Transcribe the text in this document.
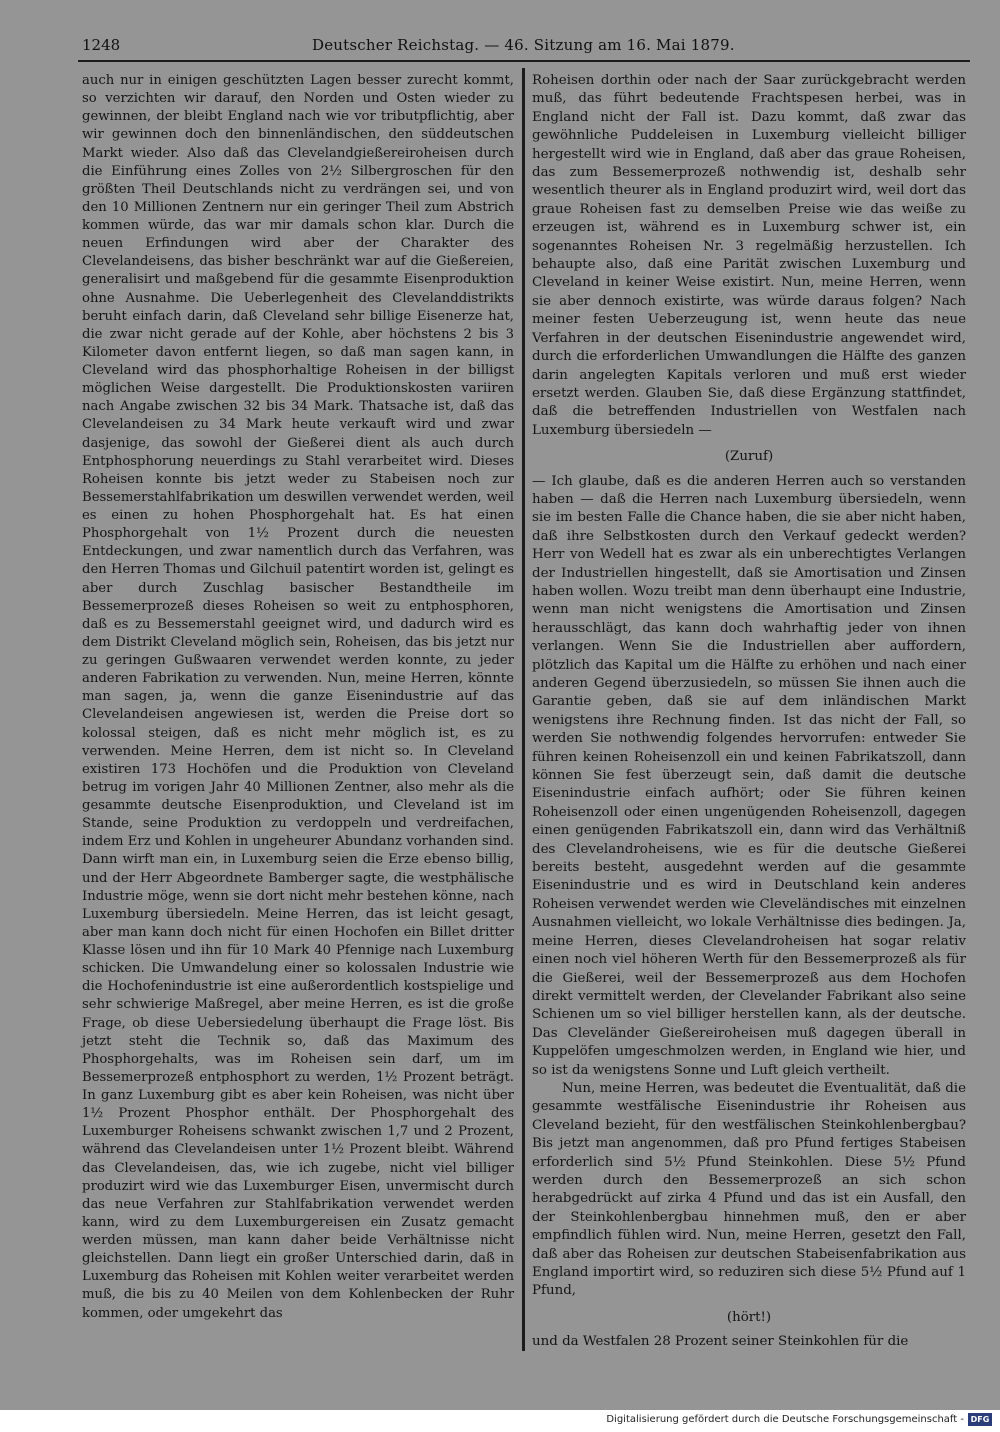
1248	Deutscher Reichstag. — 46. Sitzung am 16. Mai 1879.

auch nur in einigen geschützten Lagen besser zurecht kommt, so verzichten wir darauf, den Norden und Osten wieder zu gewinnen, der bleibt England nach wie vor tributpflichtig, aber wir gewinnen doch den binnenländischen, den süddeutschen Markt wieder. Also daß das Clevelandgießereiroheisen durch die Einführung eines Zolles von 2½ Silbergroschen für den größten Theil Deutschlands nicht zu verdrängen sei, und von den 10 Millionen Zentnern nur ein geringer Theil zum Abstrich kommen würde, das war mir damals schon klar. Durch die neuen Erfindungen wird aber der Charakter des Clevelandeisens, das bisher beschränkt war auf die Gießereien, generalisirt und maßgebend für die gesammte Eisenproduktion ohne Ausnahme. Die Ueberlegenheit des Clevelanddistrikts beruht einfach darin, daß Cleveland sehr billige Eisenerze hat, die zwar nicht gerade auf der Kohle, aber höchstens 2 bis 3 Kilometer davon entfernt liegen, so daß man sagen kann, in Cleveland wird das phosphorhaltige Roheisen in der billigst möglichen Weise dargestellt. Die Produktionskosten variiren nach Angabe zwischen 32 bis 34 Mark. Thatsache ist, daß das Clevelandeisen zu 34 Mark heute verkauft wird und zwar dasjenige, das sowohl der Gießerei dient als auch durch Entphosphorung neuerdings zu Stahl verarbeitet wird. Dieses Roheisen konnte bis jetzt weder zu Stabeisen noch zur Bessemerstahlfabrikation um deswillen verwendet werden, weil es einen zu hohen Phosphorgehalt hat. Es hat einen Phosphorgehalt von 1½ Prozent durch die neuesten Entdeckungen, und zwar namentlich durch das Verfahren, was den Herren Thomas und Gilchuil patentirt worden ist, gelingt es aber durch Zuschlag basischer Bestandtheile im Bessemerprozeß dieses Roheisen so weit zu entphosphoren, daß es zu Bessemerstahl geeignet wird, und dadurch wird es dem Distrikt Cleveland möglich sein, Roheisen, das bis jetzt nur zu geringen Gußwaaren verwendet werden konnte, zu jeder anderen Fabrikation zu verwenden. Nun, meine Herren, könnte man sagen, ja, wenn die ganze Eisenindustrie auf das Clevelandeisen angewiesen ist, werden die Preise dort so kolossal steigen, daß es nicht mehr möglich ist, es zu verwenden. Meine Herren, dem ist nicht so. In Cleveland existiren 173 Hochöfen und die Produktion von Cleveland betrug im vorigen Jahr 40 Millionen Zentner, also mehr als die gesammte deutsche Eisenproduktion, und Cleveland ist im Stande, seine Produktion zu verdoppeln und verdreifachen, indem Erz und Kohlen in ungeheurer Abundanz vorhanden sind. Dann wirft man ein, in Luxemburg seien die Erze ebenso billig, und der Herr Abgeordnete Bamberger sagte, die westphälische Industrie möge, wenn sie dort nicht mehr bestehen könne, nach Luxemburg übersiedeln. Meine Herren, das ist leicht gesagt, aber man kann doch nicht für einen Hochofen ein Billet dritter Klasse lösen und ihn für 10 Mark 40 Pfennige nach Luxemburg schicken. Die Umwandelung einer so kolossalen Industrie wie die Hochofenindustrie ist eine außerordentlich kostspielige und sehr schwierige Maßregel, aber meine Herren, es ist die große Frage, ob diese Uebersiedelung überhaupt die Frage löst. Bis jetzt steht die Technik so, daß das Maximum des Phosphorgehalts, was im Roheisen sein darf, um im Bessemerprozeß entphosphort zu werden, 1½ Prozent beträgt. In ganz Luxemburg gibt es aber kein Roheisen, was nicht über 1½ Prozent Phosphor enthält. Der Phosphorgehalt des Luxemburger Roheisens schwankt zwischen 1,7 und 2 Prozent, während das Clevelandeisen unter 1½ Prozent bleibt. Während das Clevelandeisen, das, wie ich zugebe, nicht viel billiger produzirt wird wie das Luxemburger Eisen, unvermischt durch das neue Verfahren zur Stahlfabrikation verwendet werden kann, wird zu dem Luxemburgereisen ein Zusatz gemacht werden müssen, man kann daher beide Verhältnisse nicht gleichstellen. Dann liegt ein großer Unterschied darin, daß in Luxemburg das Roheisen mit Kohlen weiter verarbeitet werden muß, die bis zu 40 Meilen von dem Kohlenbecken der Ruhr kommen, oder umgekehrt das

Roheisen dorthin oder nach der Saar zurückgebracht werden muß, das führt bedeutende Frachtspesen herbei, was in England nicht der Fall ist. Dazu kommt, daß zwar das gewöhnliche Puddeleisen in Luxemburg vielleicht billiger hergestellt wird wie in England, daß aber das graue Roheisen, das zum Bessemerprozeß nothwendig ist, deshalb sehr wesentlich theurer als in England produzirt wird, weil dort das graue Roheisen fast zu demselben Preise wie das weiße zu erzeugen ist, während es in Luxemburg schwer ist, ein sogenanntes Roheisen Nr. 3 regelmäßig herzustellen. Ich behaupte also, daß eine Parität zwischen Luxemburg und Cleveland in keiner Weise existirt. Nun, meine Herren, wenn sie aber dennoch existirte, was würde daraus folgen? Nach meiner festen Ueberzeugung ist, wenn heute das neue Verfahren in der deutschen Eisenindustrie angewendet wird, durch die erforderlichen Umwandlungen die Hälfte des ganzen darin angelegten Kapitals verloren und muß erst wieder ersetzt werden. Glauben Sie, daß diese Ergänzung stattfindet, daß die betreffenden Industriellen von Westfalen nach Luxemburg übersiedeln —

(Zuruf)

— Ich glaube, daß es die anderen Herren auch so verstanden haben — daß die Herren nach Luxemburg übersiedeln, wenn sie im besten Falle die Chance haben, die sie aber nicht haben, daß ihre Selbstkosten durch den Verkauf gedeckt werden? Herr von Wedell hat es zwar als ein unberechtigtes Verlangen der Industriellen hingestellt, daß sie Amortisation und Zinsen haben wollen. Wozu treibt man denn überhaupt eine Industrie, wenn man nicht wenigstens die Amortisation und Zinsen herausschlägt, das kann doch wahrhaftig jeder von ihnen verlangen. Wenn Sie die Industriellen aber auffordern, plötzlich das Kapital um die Hälfte zu erhöhen und nach einer anderen Gegend überzusiedeln, so müssen Sie ihnen auch die Garantie geben, daß sie auf dem inländischen Markt wenigstens ihre Rechnung finden. Ist das nicht der Fall, so werden Sie nothwendig folgendes hervorrufen: entweder Sie führen keinen Roheisenzoll ein und keinen Fabrikatszoll, dann können Sie fest überzeugt sein, daß damit die deutsche Eisenindustrie einfach aufhört; oder Sie führen keinen Roheisenzoll oder einen ungenügenden Roheisenzoll, dagegen einen genügenden Fabrikatszoll ein, dann wird das Verhältniß des Clevelandroheisens, wie es für die deutsche Gießerei bereits besteht, ausgedehnt werden auf die gesammte Eisenindustrie und es wird in Deutschland kein anderes Roheisen verwendet werden wie Cleveländisches mit einzelnen Ausnahmen vielleicht, wo lokale Verhältnisse dies bedingen. Ja, meine Herren, dieses Clevelandroheisen hat sogar relativ einen noch viel höheren Werth für den Bessemerprozeß als für die Gießerei, weil der Bessemerprozeß aus dem Hochofen direkt vermittelt werden, der Clevelander Fabrikant also seine Schienen um so viel billiger herstellen kann, als der deutsche. Das Cleveländer Gießereiroheisen muß dagegen überall in Kuppelöfen umgeschmolzen werden, in England wie hier, und so ist da wenigstens Sonne und Luft gleich vertheilt.

Nun, meine Herren, was bedeutet die Eventualität, daß die gesammte westfälische Eisenindustrie ihr Roheisen aus Cleveland bezieht, für den westfälischen Steinkohlenbergbau? Bis jetzt man angenommen, daß pro Pfund fertiges Stabeisen erforderlich sind 5½ Pfund Steinkohlen. Diese 5½ Pfund werden durch den Bessemerprozeß an sich schon herabgedrückt auf zirka 4 Pfund und das ist ein Ausfall, den der Steinkohlenbergbau hinnehmen muß, den er aber empfindlich fühlen wird. Nun, meine Herren, gesetzt den Fall, daß aber das Roheisen zur deutschen Stabeisenfabrikation aus England importirt wird, so reduziren sich diese 5½ Pfund auf 1 Pfund,

(hört!)

und da Westfalen 28 Prozent seiner Steinkohlen für die

Digitalisierung gefördert durch die Deutsche Forschungsgemeinschaft - DFG
